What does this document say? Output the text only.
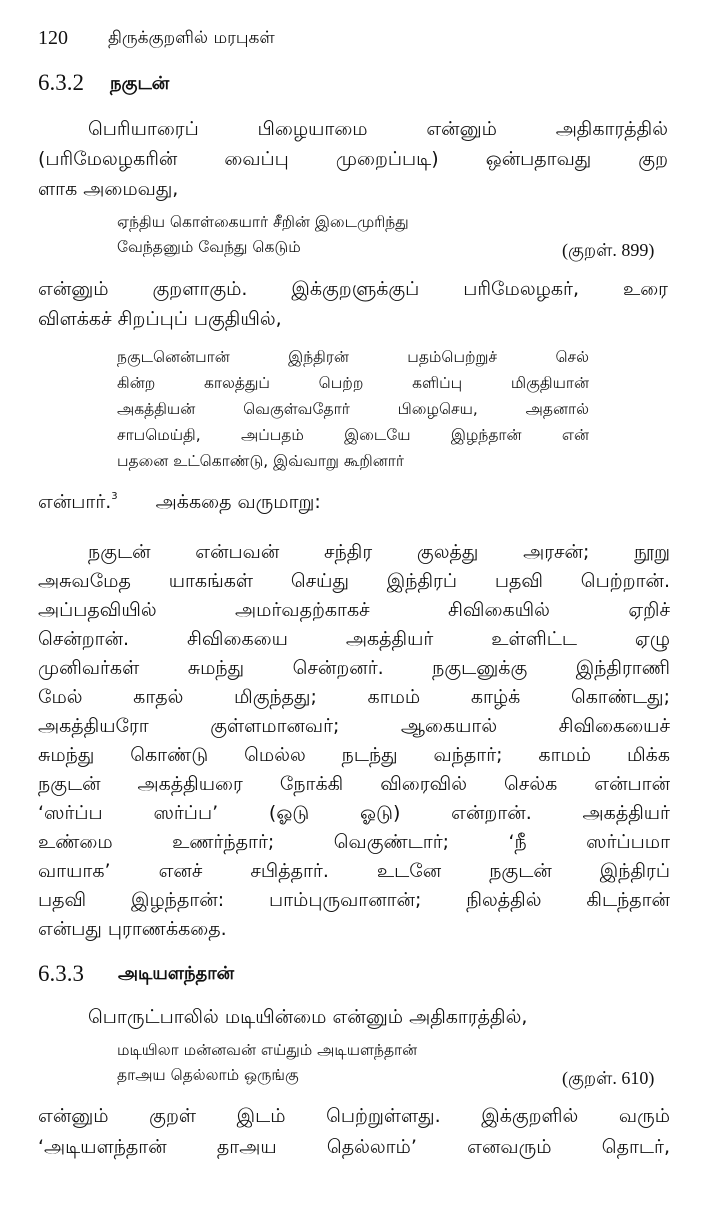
120 திருக்குறளில் மரபுகள்
6.3.2 நகுடன்
பெரியாரைப் பிழையாமை என்னும் அதிகாரத்தில்
(பரிமேலழகரின் வைப்பு முறைப்படி) ஒன்பதாவது குற
ளாக அமைவது,
ஏந்திய கொள்கையார் சீறின் இடைமுரிந்து
வேந்தனும் வேந்து கெடும்	(குறள். 899)
என்னும் குறளாகும். இக்குறளுக்குப் பரிமேலழகர், உரை
விளக்கச் சிறப்புப் பகுதியில்,
நகுடனென்பான் இந்திரன் பதம்பெற்றுச் செல்
கின்ற காலத்துப் பெற்ற களிப்பு மிகுதியான்
அகத்தியன் வெகுள்வதோர் பிழைசெய, அதனால்
சாபமெய்தி, அப்பதம் இடையே இழந்தான் என்
பதனை உட்கொண்டு, இவ்வாறு கூறினார்
என்பார்.$^3$ அக்கதை வருமாறு:
நகுடன் என்பவன் சந்திர குலத்து அரசன்; நூறு
அசுவமேத யாகங்கள் செய்து இந்திரப் பதவி பெற்றான்.
அப்பதவியில் அமர்வதற்காகச் சிவிகையில் ஏறிச்
சென்றான். சிவிகையை அகத்தியர் உள்ளிட்ட ஏழு
முனிவர்கள் சுமந்து சென்றனர். நகுடனுக்கு இந்திராணி
மேல் காதல் மிகுந்தது; காமம் காழ்க் கொண்டது;
அகத்தியரோ குள்ளமானவர்; ஆகையால் சிவிகையைச்
சுமந்து கொண்டு மெல்ல நடந்து வந்தார்; காமம் மிக்க
நகுடன் அகத்தியரை நோக்கி விரைவில் செல்க என்பான்
‘ஸர்ப்ப ஸர்ப்ப’ (ஓடு ஓடு) என்றான். அகத்தியர்
உண்மை உணர்ந்தார்; வெகுண்டார்; ‘நீ ஸர்ப்பமா
வாயாக’ எனச் சபித்தார். உடனே நகுடன் இந்திரப்
பதவி இழந்தான்: பாம்புருவானான்; நிலத்தில் கிடந்தான்
என்பது புராணக்கதை.
6.3.3 அடியளந்தான்
பொருட்பாலில் மடியின்மை என்னும் அதிகாரத்தில்,
மடியிலா மன்னவன் எய்தும் அடியளந்தான்
தாஅய தெல்லாம் ஒருங்கு	(குறள். 610)
என்னும் குறள் இடம் பெற்றுள்ளது. இக்குறளில் வரும்
‘அடியளந்தான் தாஅய தெல்லாம்’ எனவரும் தொடர்,
